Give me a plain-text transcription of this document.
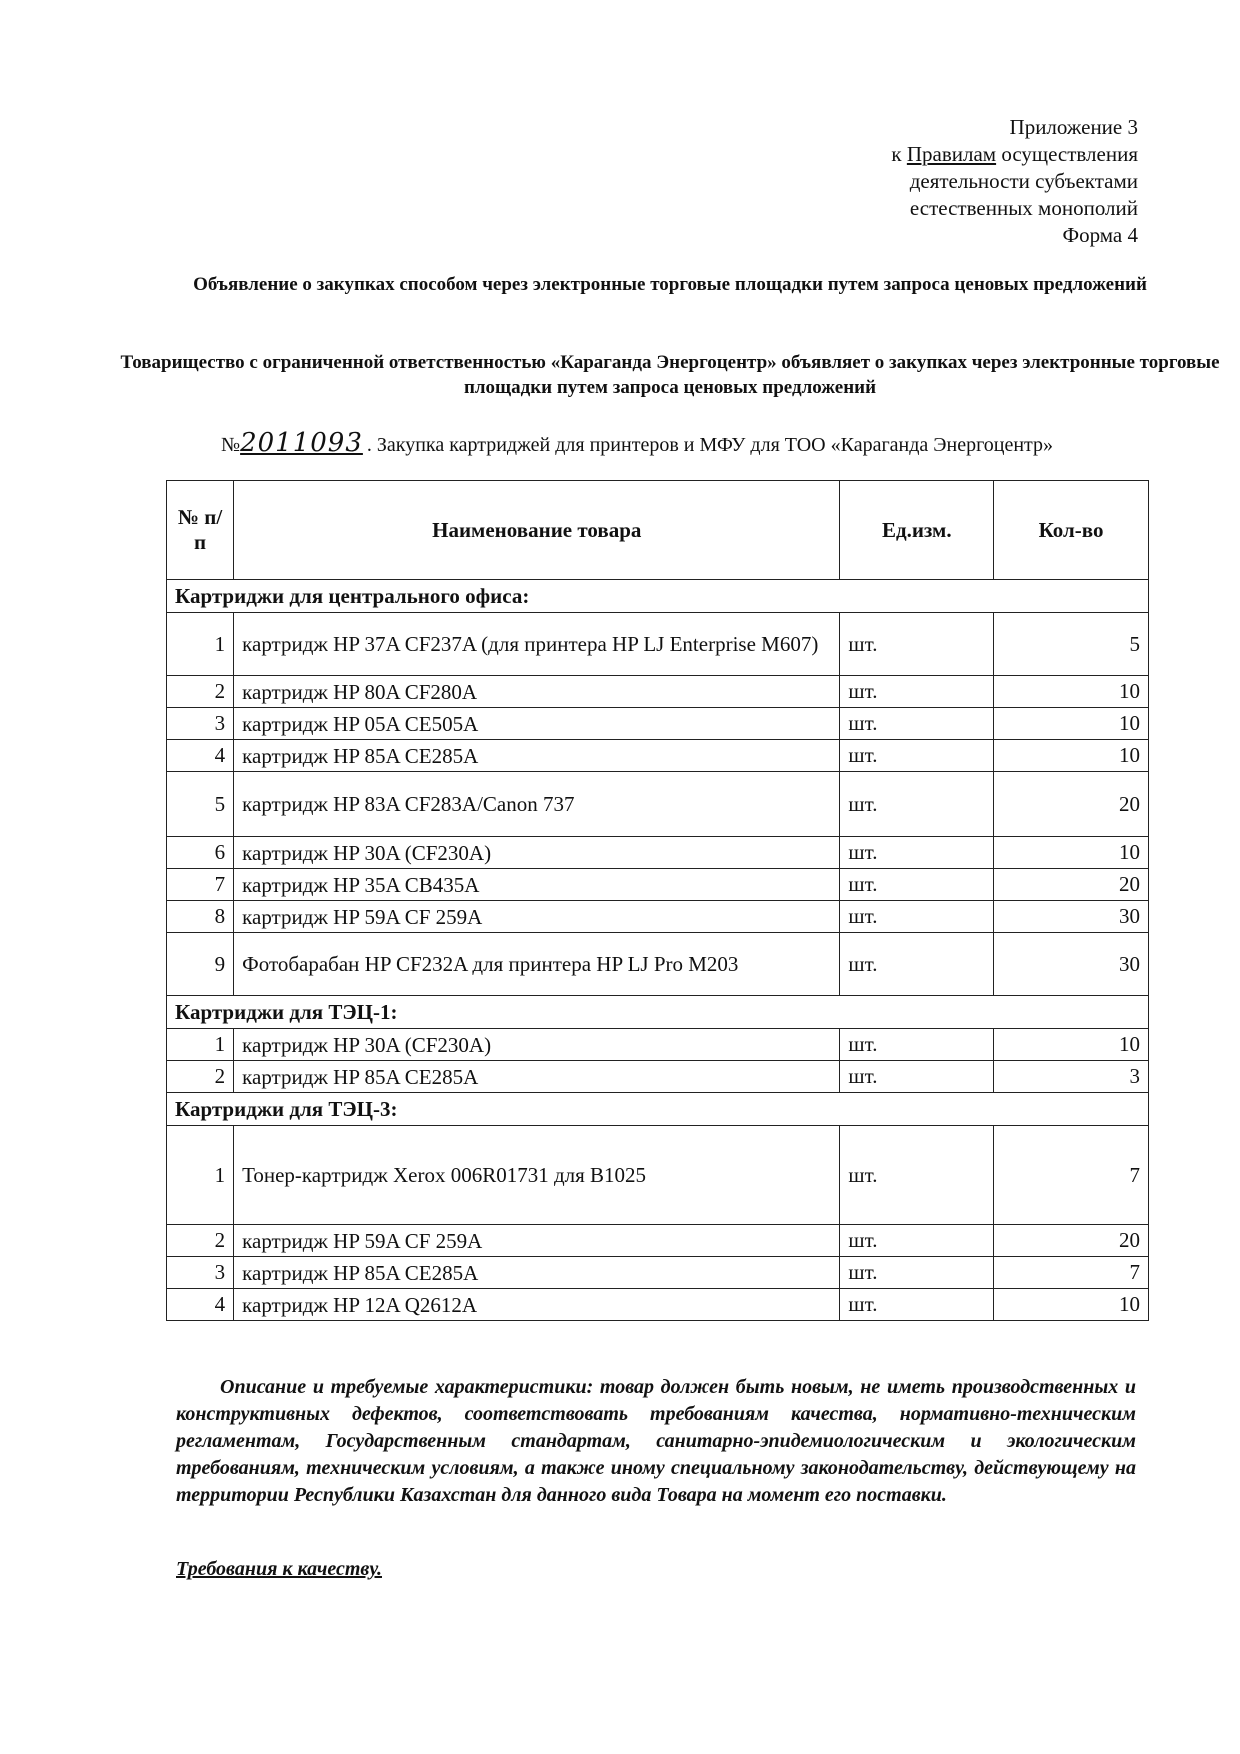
Приложение 3
к Правилам осуществления
деятельности субъектами
естественных монополий
Форма 4
Объявление о закупках способом через электронные торговые площадки путем запроса ценовых предложений
Товарищество с ограниченной ответственностью «Караганда Энергоцентр» объявляет о закупках через электронные торговые площадки путем запроса ценовых предложений
№2011093 . Закупка картриджей для принтеров и МФУ для ТОО «Караганда Энергоцентр»
№ п/п	Наименование товара	Ед.изм.	Кол-во
Картриджи для центрального офиса:			
1	картридж HP 37A CF237A (для принтера HP LJ Enterprise M607)	шт.	5
2	картридж HP 80A CF280A	шт.	10
3	картридж HP 05A CE505A	шт.	10
4	картридж HP 85A CE285A	шт.	10
5	картридж HP 83A CF283A/Canon 737	шт.	20
6	картридж HP 30A (CF230A)	шт.	10
7	картридж HP 35A CB435A	шт.	20
8	картридж HP 59A CF 259A	шт.	30
9	Фотобарабан HP CF232A для принтера HP LJ Pro M203	шт.	30
Картриджи для ТЭЦ-1:			
1	картридж HP 30A (CF230A)	шт.	10
2	картридж HP 85A CE285A	шт.	3
Картриджи для ТЭЦ-3:			
1	Тонер-картридж Xerox 006R01731 для B1025	шт.	7
2	картридж HP 59A CF 259A	шт.	20
3	картридж HP 85A CE285A	шт.	7
4	картридж HP 12A Q2612A	шт.	10
Описание и требуемые характеристики: товар должен быть новым, не иметь производственных и конструктивных дефектов, соответствовать требованиям качества, нормативно-техническим регламентам, Государственным стандартам, санитарно-эпидемиологическим и экологическим требованиям, техническим условиям, а также иному специальному законодательству, действующему на территории Республики Казахстан для данного вида Товара на момент его поставки.
Требования к качеству.
